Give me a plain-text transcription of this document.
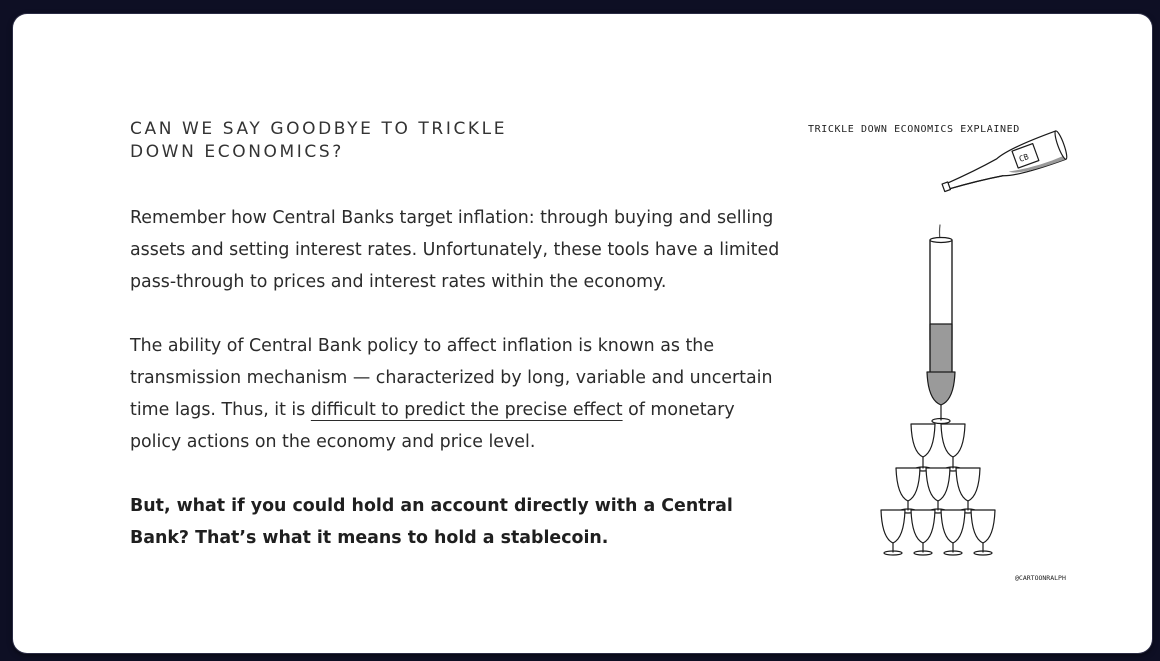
CAN WE SAY GOODBYE TO TRICKLE DOWN ECONOMICS?

Remember how Central Banks target inflation: through buying and selling assets and setting interest rates. Unfortunately, these tools have a limited pass-through to prices and interest rates within the economy.

The ability of Central Bank policy to affect inflation is known as the transmission mechanism — characterized by long, variable and uncertain time lags. Thus, it is difficult to predict the precise effect of monetary policy actions on the economy and price level.

But, what if you could hold an account directly with a Central Bank? That’s what it means to hold a stablecoin.

TRICKLE DOWN ECONOMICS EXPLAINED
CB
@CARTOONRALPH
